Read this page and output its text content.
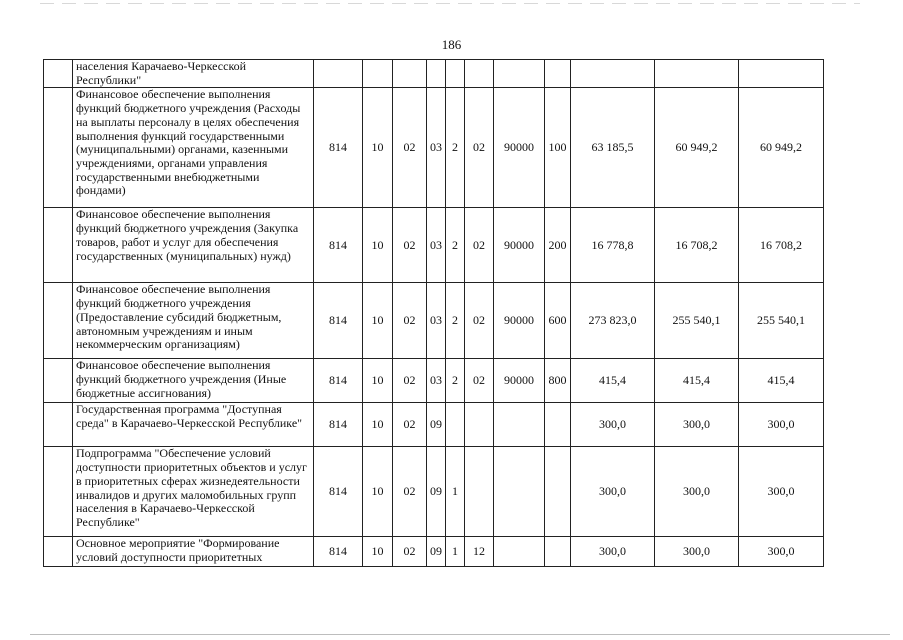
186
	населения Карачаево-Черкесской Республики"											
	Финансовое обеспечение выполнения функций бюджетного учреждения (Расходы на выплаты персоналу в целях обеспечения выполнения функций государственными (муниципальными) органами, казенными учреждениями, органами управления государственными внебюджетными фондами)	814	10	02	03	2	02	90000	100	63 185,5	60 949,2	60 949,2
	Финансовое обеспечение выполнения функций бюджетного учреждения (Закупка товаров, работ и услуг для обеспечения государственных (муниципальных) нужд)	814	10	02	03	2	02	90000	200	16 778,8	16 708,2	16 708,2
	Финансовое обеспечение выполнения функций бюджетного учреждения (Предоставление субсидий бюджетным, автономным учреждениям и иным некоммерческим организациям)	814	10	02	03	2	02	90000	600	273 823,0	255 540,1	255 540,1
	Финансовое обеспечение выполнения функций бюджетного учреждения (Иные бюджетные ассигнования)	814	10	02	03	2	02	90000	800	415,4	415,4	415,4
	Государственная программа "Доступная среда" в Карачаево-Черкесской Республике"	814	10	02	09					300,0	300,0	300,0
	Подпрограмма "Обеспечение условий доступности приоритетных объектов и услуг в приоритетных сферах жизнедеятельности инвалидов и других маломобильных групп населения в Карачаево-Черкесской Республике"	814	10	02	09	1				300,0	300,0	300,0
	Основное мероприятие "Формирование условий доступности приоритетных	814	10	02	09	1	12			300,0	300,0	300,0
